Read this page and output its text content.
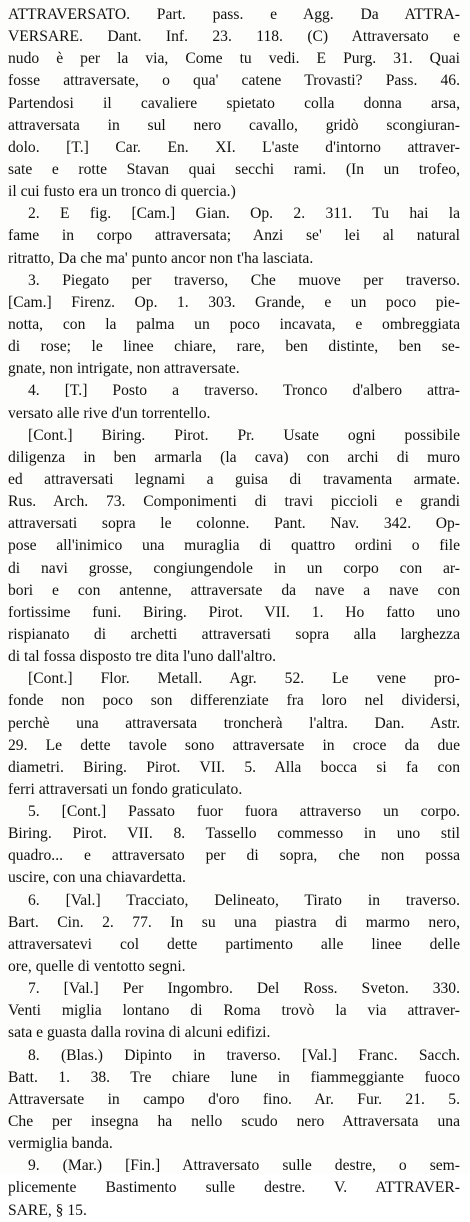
ATTRAVERSATO. Part. pass. e Agg. Da ATTRA-
VERSARE. Dant. Inf. 23. 118. (C) Attraversato e
nudo è per la via, Come tu vedi. E Purg. 31. Quai
fosse attraversate, o qua' catene Trovasti? Pass. 46.
Partendosi il cavaliere spietato colla donna arsa,
attraversata in sul nero cavallo, gridò scongiuran-
dolo. [T.] Car. En. XI. L'aste d'intorno attraver-
sate e rotte Stavan quai secchi rami. (In un trofeo,
il cui fusto era un tronco di quercia.)
2. E fig. [Cam.] Gian. Op. 2. 311. Tu hai la
fame in corpo attraversata; Anzi se' lei al natural
ritratto, Da che ma' punto ancor non t'ha lasciata.
3. Piegato per traverso, Che muove per traverso.
[Cam.] Firenz. Op. 1. 303. Grande, e un poco pie-
notta, con la palma un poco incavata, e ombreggiata
di rose; le linee chiare, rare, ben distinte, ben se-
gnate, non intrigate, non attraversate.
4. [T.] Posto a traverso. Tronco d'albero attra-
versato alle rive d'un torrentello.
[Cont.] Biring. Pirot. Pr. Usate ogni possibile
diligenza in ben armarla (la cava) con archi di muro
ed attraversati legnami a guisa di travamenta armate.
Rus. Arch. 73. Componimenti di travi piccioli e grandi
attraversati sopra le colonne. Pant. Nav. 342. Op-
pose all'inimico una muraglia di quattro ordini o file
di navi grosse, congiungendole in un corpo con ar-
bori e con antenne, attraversate da nave a nave con
fortissime funi. Biring. Pirot. VII. 1. Ho fatto uno
rispianato di archetti attraversati sopra alla larghezza
di tal fossa disposto tre dita l'uno dall'altro.
[Cont.] Flor. Metall. Agr. 52. Le vene pro-
fonde non poco son differenziate fra loro nel dividersi,
perchè una attraversata troncherà l'altra. Dan. Astr.
29. Le dette tavole sono attraversate in croce da due
diametri. Biring. Pirot. VII. 5. Alla bocca si fa con
ferri attraversati un fondo graticulato.
5. [Cont.] Passato fuor fuora attraverso un corpo.
Biring. Pirot. VII. 8. Tassello commesso in uno stil
quadro... e attraversato per di sopra, che non possa
uscire, con una chiavardetta.
6. [Val.] Tracciato, Delineato, Tirato in traverso.
Bart. Cin. 2. 77. In su una piastra di marmo nero,
attraversatevi col dette partimento alle linee delle
ore, quelle di ventotto segni.
7. [Val.] Per Ingombro. Del Ross. Sveton. 330.
Venti miglia lontano di Roma trovò la via attraver-
sata e guasta dalla rovina di alcuni edifizi.
8. (Blas.) Dipinto in traverso. [Val.] Franc. Sacch.
Batt. 1. 38. Tre chiare lune in fiammeggiante fuoco
Attraversate in campo d'oro fino. Ar. Fur. 21. 5.
Che per insegna ha nello scudo nero Attraversata una
vermiglia banda.
9. (Mar.) [Fin.] Attraversato sulle destre, o sem-
plicemente Bastimento sulle destre. V. ATTRAVER-
SARE, § 15.
